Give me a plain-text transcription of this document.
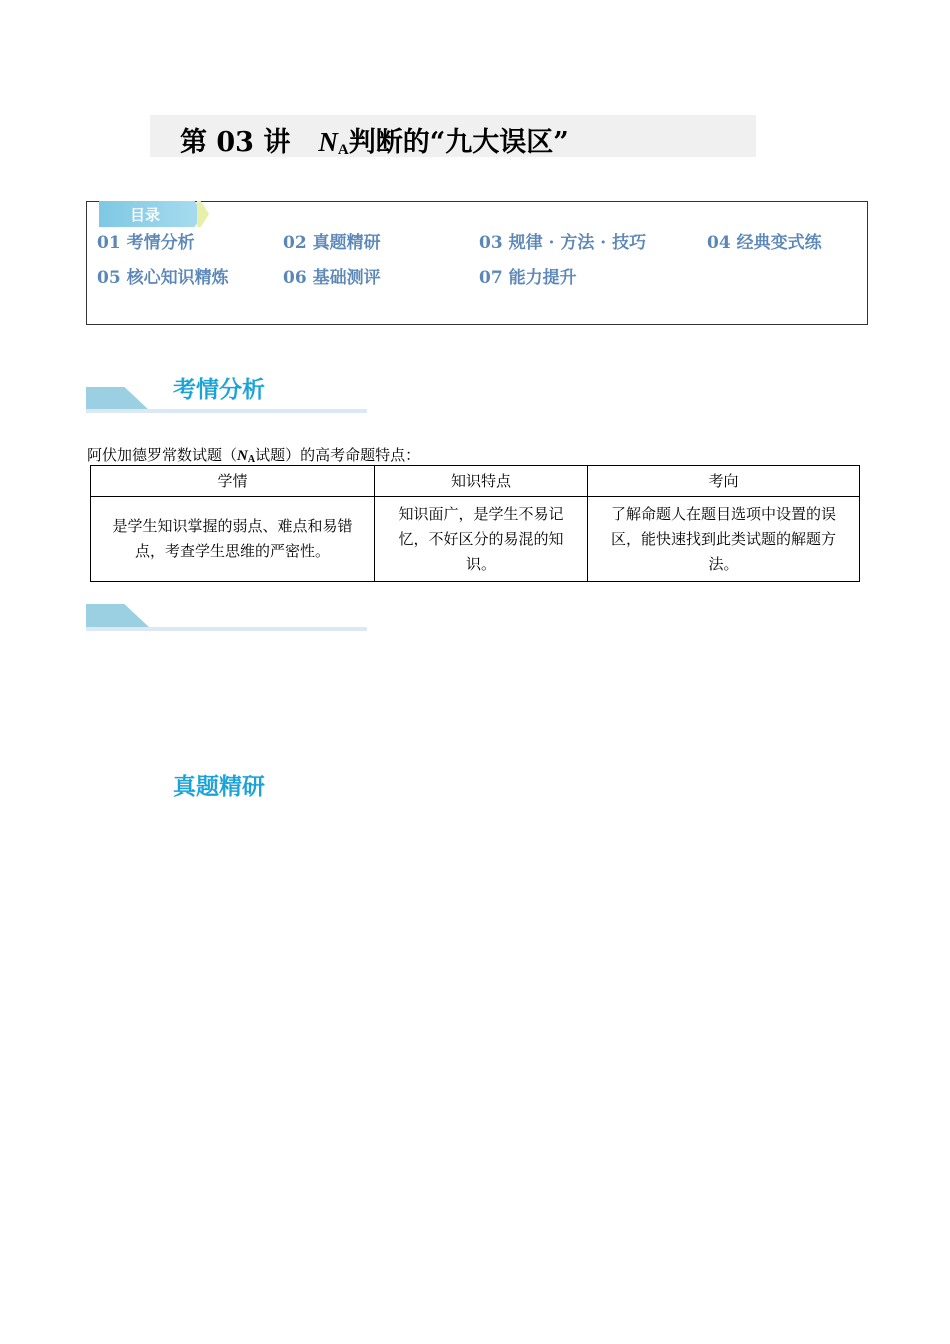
第 03 讲 $N_A$判断的“九大误区”
目录
01 考情分析	02 真题精研	03 规律 · 方法 · 技巧	04 经典变式练
05 核心知识精炼	06 基础测评	07 能力提升
考情分析
阿伏加德罗常数试题（$N_A$试题）的高考命题特点：
学情	知识特点	考向
是学生知识掌握的弱点、难点和易错点，考查学生思维的严密性。	知识面广，是学生不易记忆，不好区分的易混的知识。	了解命题人在题目选项中设置的误区，能快速找到此类试题的解题方法。
真题精研
